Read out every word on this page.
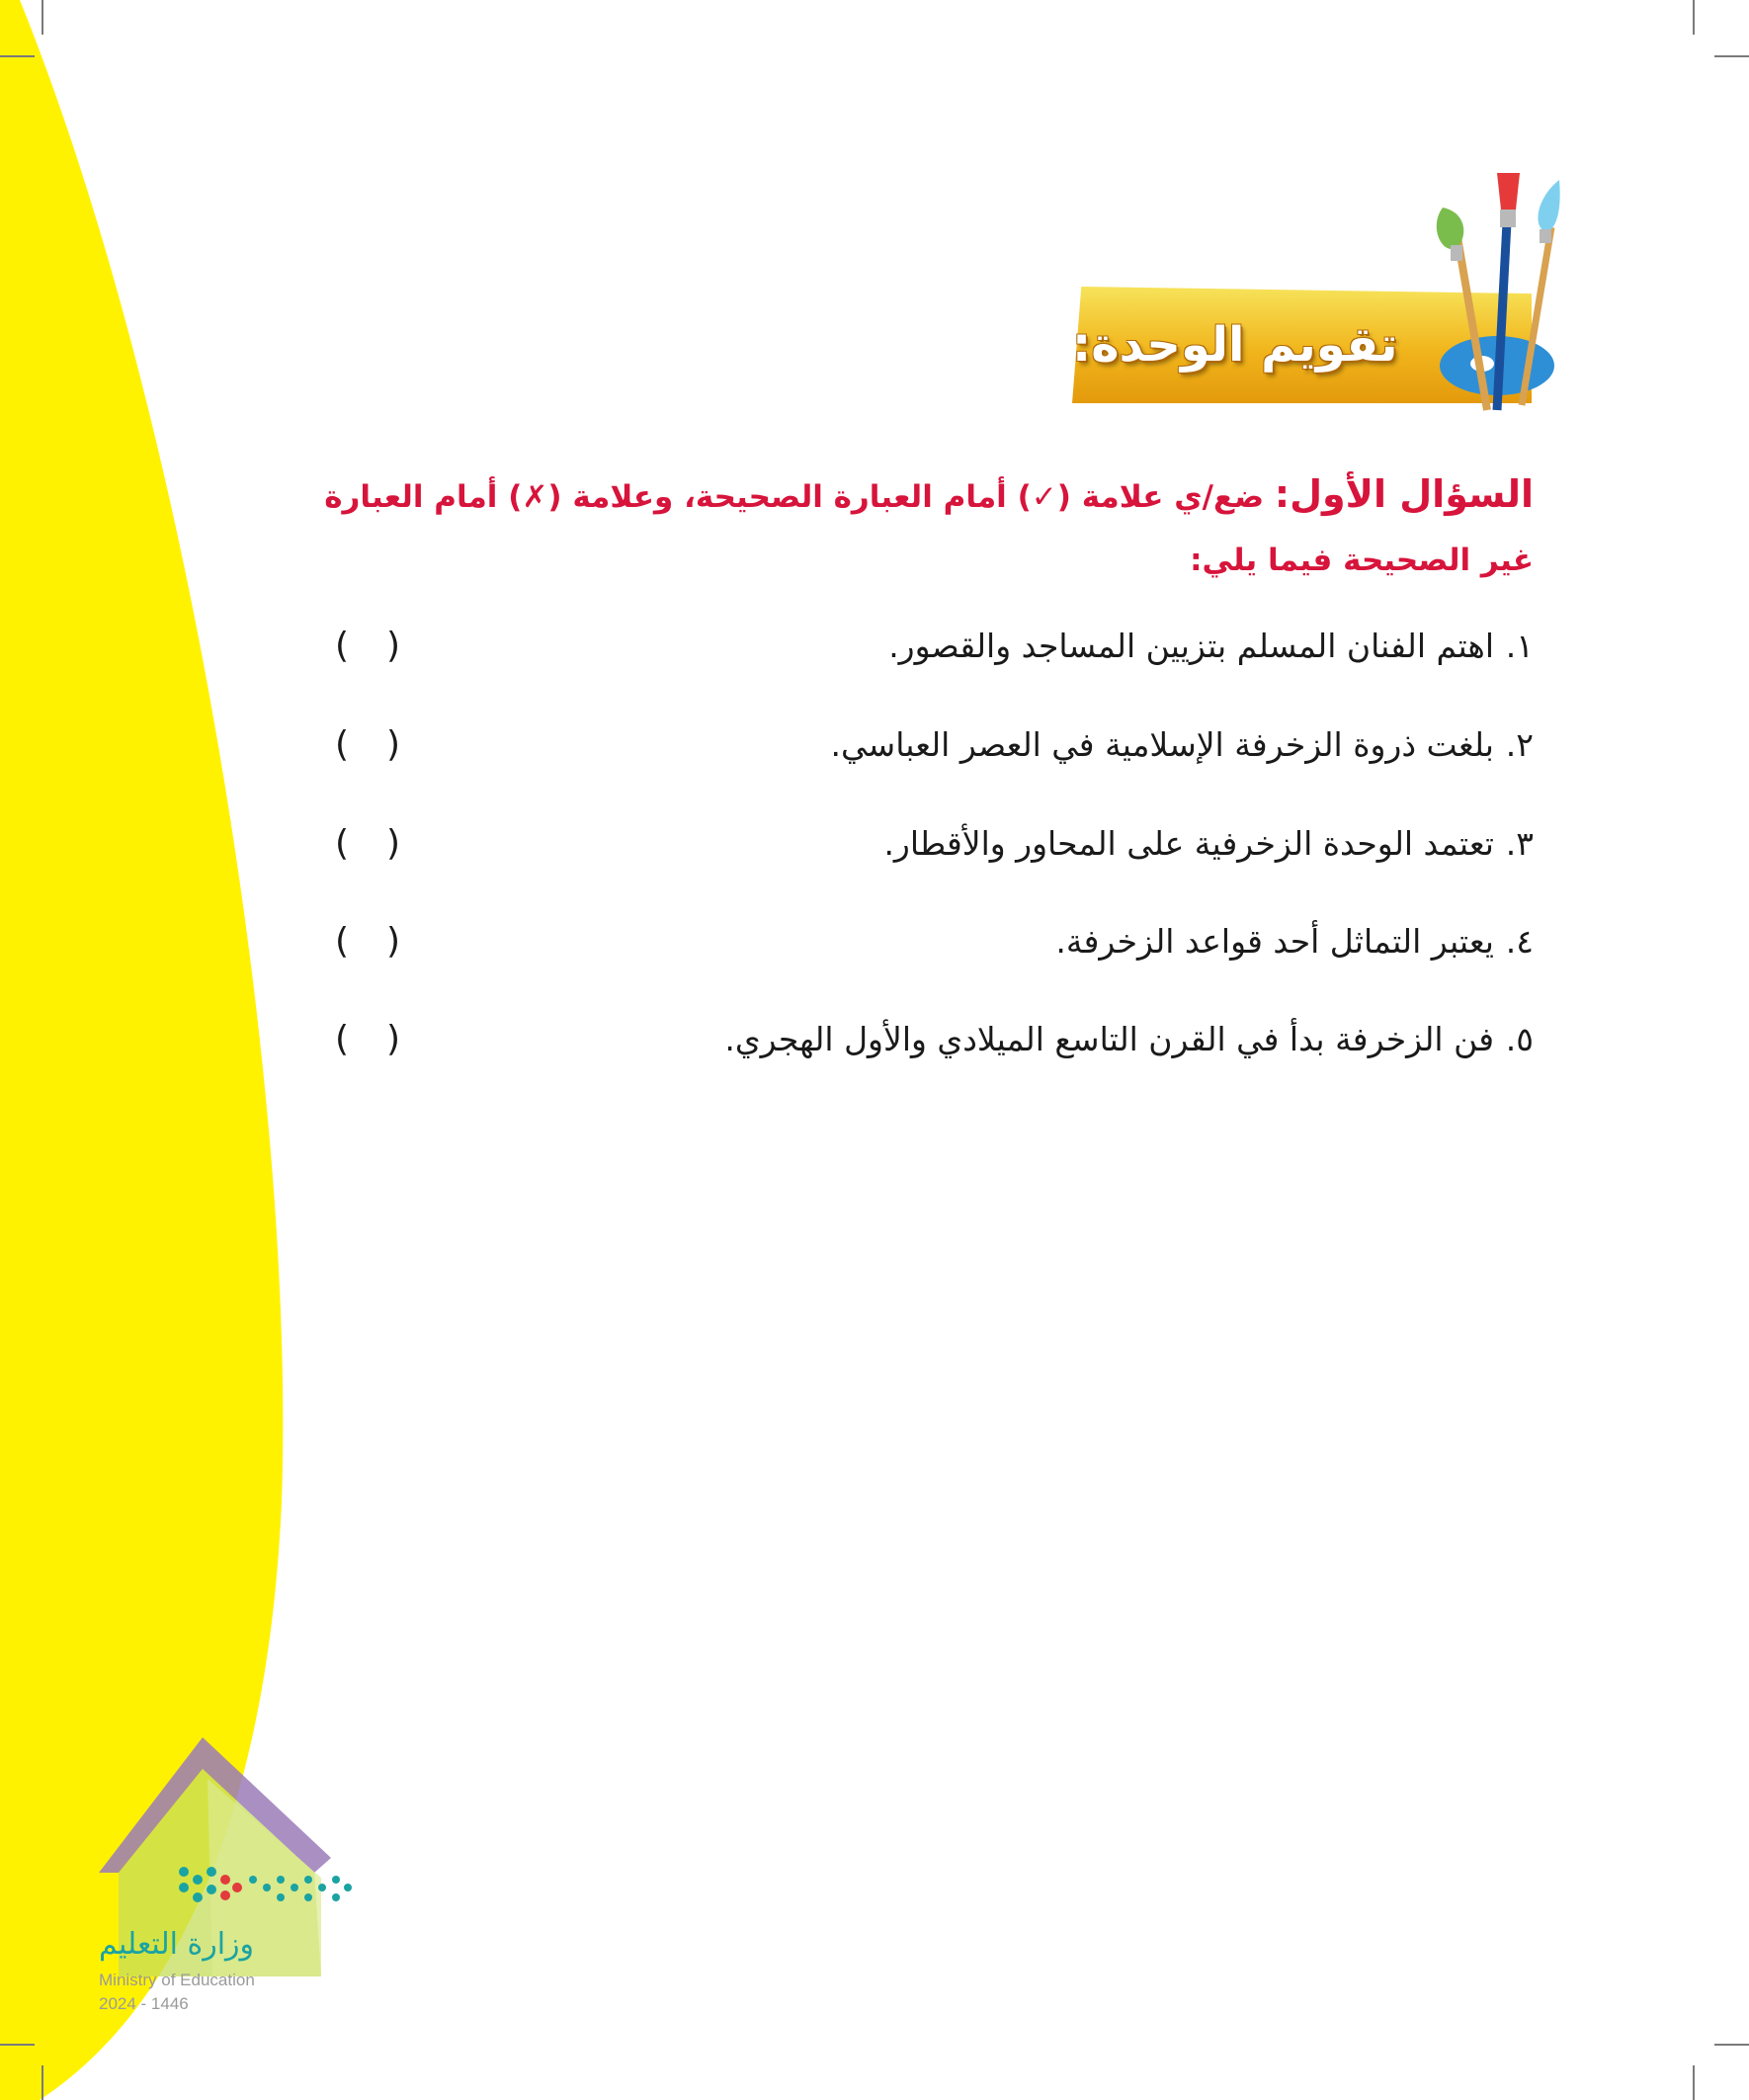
تقويم الوحدة:
السؤال الأول: ضع/ي علامة (✓) أمام العبارة الصحيحة، وعلامة (✗) أمام العبارة
غير الصحيحة فيما يلي:
١.
اهتم الفنان المسلم بتزيين المساجد والقصور.
( )
٢.
بلغت ذروة الزخرفة الإسلامية في العصر العباسي.
( )
٣.
تعتمد الوحدة الزخرفية على المحاور والأقطار.
( )
٤.
يعتبر التماثل أحد قواعد الزخرفة.
( )
٥.
فن الزخرفة بدأ في القرن التاسع الميلادي والأول الهجري.
( )
وزارة التعليم
Ministry of Education
2024 - 1446
